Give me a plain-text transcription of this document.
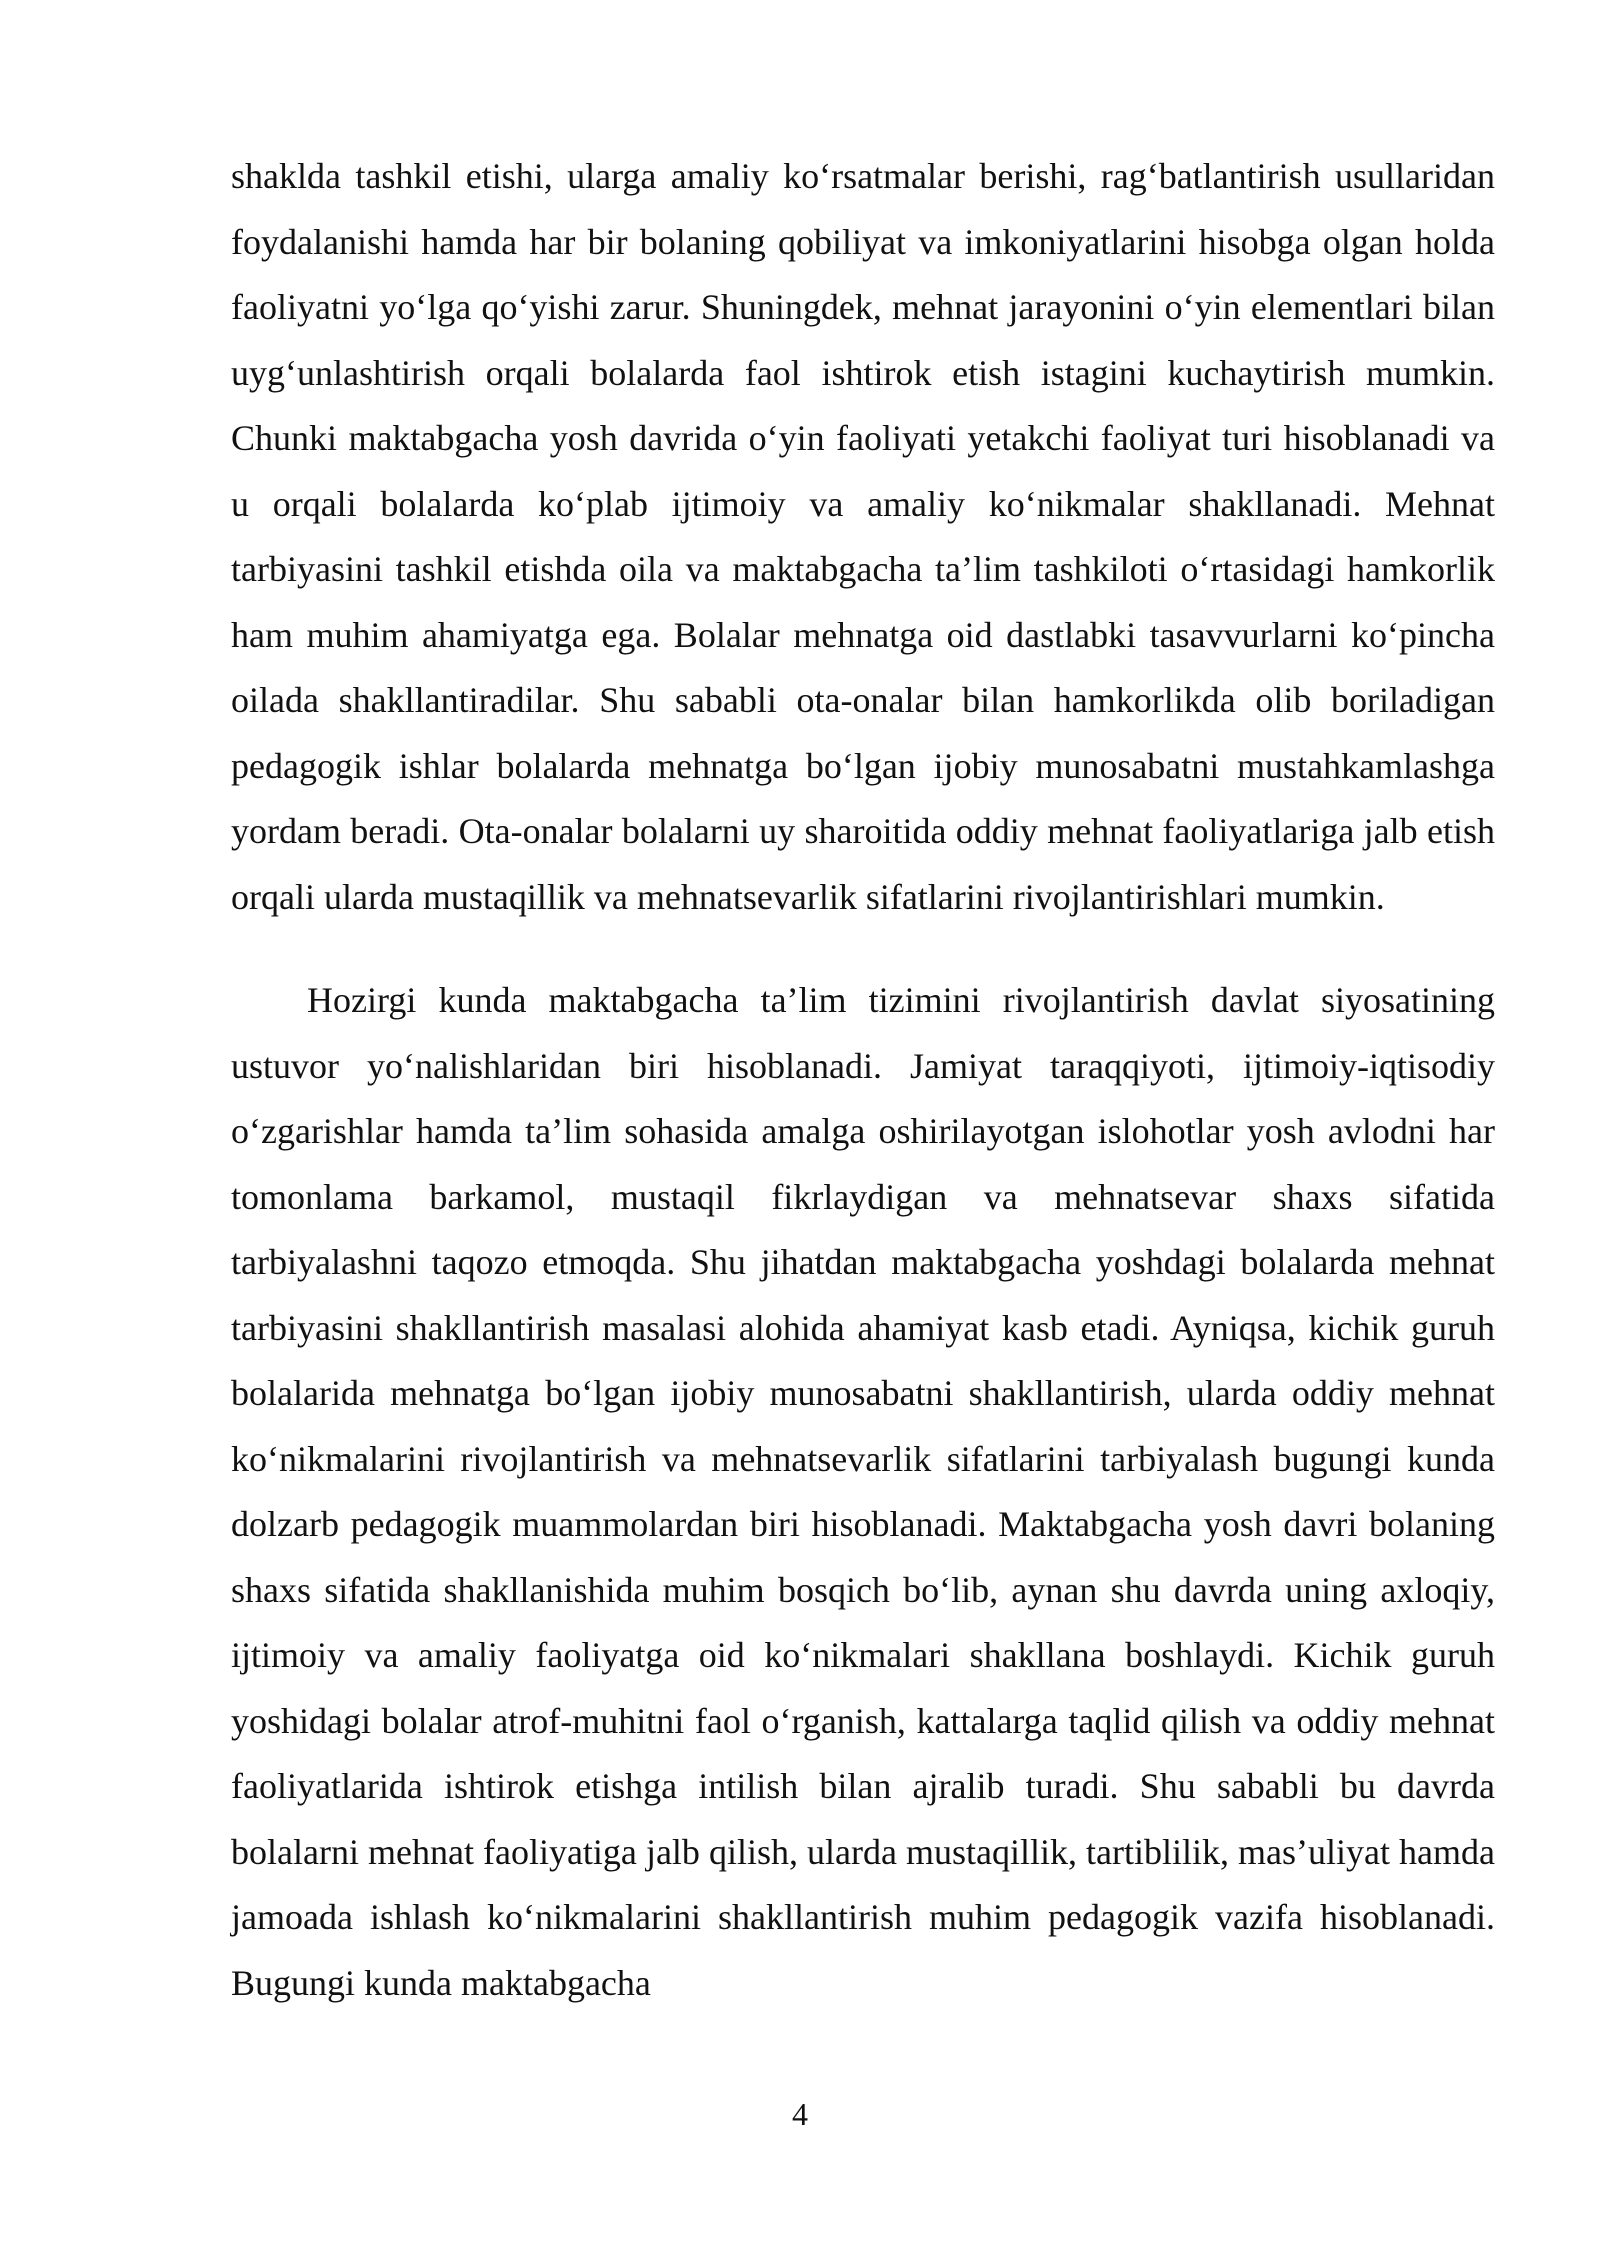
shaklda tashkil etishi, ularga amaliy koʻrsatmalar berishi, ragʻbatlantirish usullaridan foydalanishi hamda har bir bolaning qobiliyat va imkoniyatlarini hisobga olgan holda faoliyatni yoʻlga qoʻyishi zarur. Shuningdek, mehnat jarayonini oʻyin elementlari bilan uygʻunlashtirish orqali bolalarda faol ishtirok etish istagini kuchaytirish mumkin. Chunki maktabgacha yosh davrida oʻyin faoliyati yetakchi faoliyat turi hisoblanadi va u orqali bolalarda koʻplab ijtimoiy va amaliy koʻnikmalar shakllanadi. Mehnat tarbiyasini tashkil etishda oila va maktabgacha ta’lim tashkiloti oʻrtasidagi hamkorlik ham muhim ahamiyatga ega. Bolalar mehnatga oid dastlabki tasavvurlarni koʻpincha oilada shakllantiradilar. Shu sababli ota-onalar bilan hamkorlikda olib boriladigan pedagogik ishlar bolalarda mehnatga boʻlgan ijobiy munosabatni mustahkamlashga yordam beradi. Ota-onalar bolalarni uy sharoitida oddiy mehnat faoliyatlariga jalb etish orqali ularda mustaqillik va mehnatsevarlik sifatlarini rivojlantirishlari mumkin.

Hozirgi kunda maktabgacha ta’lim tizimini rivojlantirish davlat siyosatining ustuvor yoʻnalishlaridan biri hisoblanadi. Jamiyat taraqqiyoti, ijtimoiy-iqtisodiy oʻzgarishlar hamda ta’lim sohasida amalga oshirilayotgan islohotlar yosh avlodni har tomonlama barkamol, mustaqil fikrlaydigan va mehnatsevar shaxs sifatida tarbiyalashni taqozo etmoqda. Shu jihatdan maktabgacha yoshdagi bolalarda mehnat tarbiyasini shakllantirish masalasi alohida ahamiyat kasb etadi. Ayniqsa, kichik guruh bolalarida mehnatga boʻlgan ijobiy munosabatni shakllantirish, ularda oddiy mehnat koʻnikmalarini rivojlantirish va mehnatsevarlik sifatlarini tarbiyalash bugungi kunda dolzarb pedagogik muammolardan biri hisoblanadi. Maktabgacha yosh davri bolaning shaxs sifatida shakllanishida muhim bosqich boʻlib, aynan shu davrda uning axloqiy, ijtimoiy va amaliy faoliyatga oid koʻnikmalari shakllana boshlaydi. Kichik guruh yoshidagi bolalar atrof-muhitni faol oʻrganish, kattalarga taqlid qilish va oddiy mehnat faoliyatlarida ishtirok etishga intilish bilan ajralib turadi. Shu sababli bu davrda bolalarni mehnat faoliyatiga jalb qilish, ularda mustaqillik, tartiblilik, mas’uliyat hamda jamoada ishlash koʻnikmalarini shakllantirish muhim pedagogik vazifa hisoblanadi. Bugungi kunda maktabgacha

4
